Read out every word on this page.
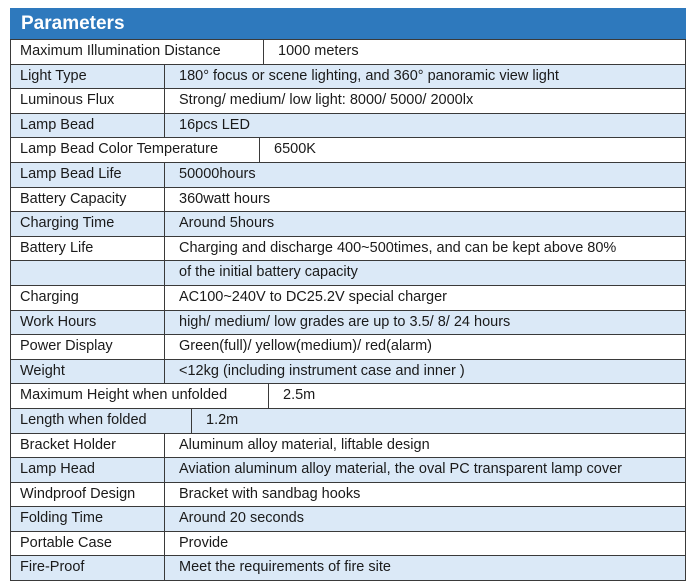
Parameters
Maximum Illumination Distance	1000 meters
Light Type	180° focus or scene lighting, and 360° panoramic view light
Luminous Flux	Strong/ medium/ low light: 8000/ 5000/ 2000lx
Lamp Bead	16pcs LED
Lamp Bead Color Temperature	6500K
Lamp Bead Life	50000hours
Battery Capacity	360watt hours
Charging Time	Around 5hours
Battery Life	Charging and discharge 400~500times, and can be kept above 80%
of the initial battery capacity
Charging	AC100~240V to DC25.2V special charger
Work Hours	high/ medium/ low grades are up to 3.5/ 8/ 24 hours
Power Display	Green(full)/ yellow(medium)/ red(alarm)
Weight	<12kg (including instrument case and inner )
Maximum Height when unfolded	2.5m
Length when folded	1.2m
Bracket Holder	Aluminum alloy material, liftable design
Lamp Head	Aviation aluminum alloy material, the oval PC transparent lamp cover
Windproof Design	Bracket with sandbag hooks
Folding Time	Around 20 seconds
Portable Case	Provide
Fire-Proof	Meet the requirements of fire site
